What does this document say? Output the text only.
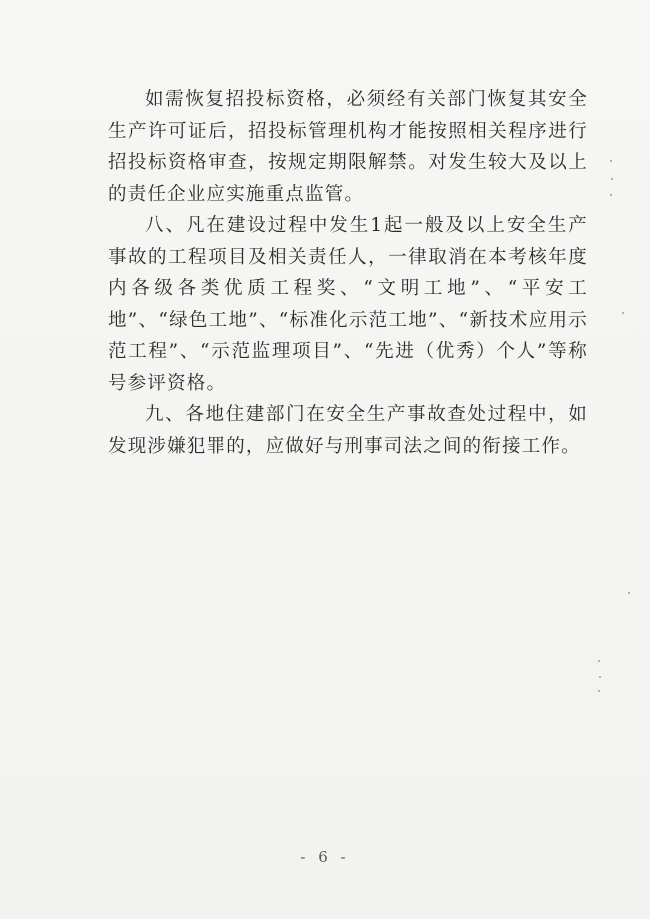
如需恢复招投标资格，必须经有关部门恢复其安全生产许可证后，招投标管理机构才能按照相关程序进行招投标资格审查，按规定期限解禁。对发生较大及以上的责任企业应实施重点监管。

八、凡在建设过程中发生1起一般及以上安全生产事故的工程项目及相关责任人，一律取消在本考核年度内各级各类优质工程奖、“文明工地”、“平安工地”、“绿色工地”、“标准化示范工地”、“新技术应用示范工程”、“示范监理项目”、“先进（优秀）个人”等称号参评资格。

九、各地住建部门在安全生产事故查处过程中，如发现涉嫌犯罪的，应做好与刑事司法之间的衔接工作。

- 6 -
